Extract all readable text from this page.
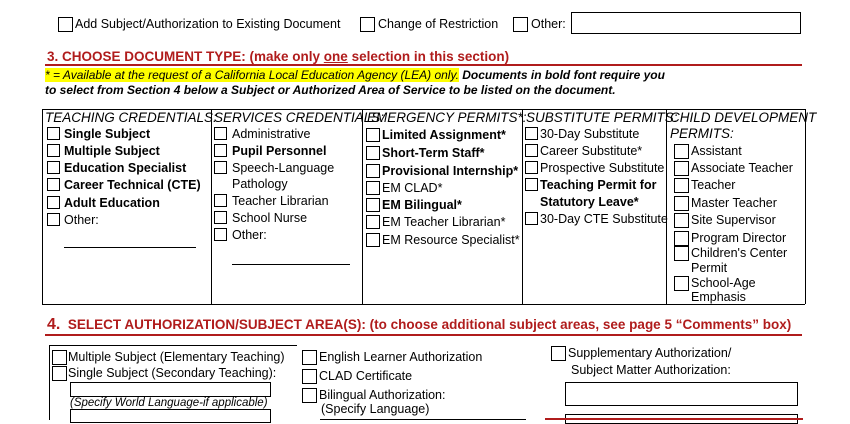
Add Subject/Authorization to Existing Document	Change of Restriction	Other:
3. CHOOSE DOCUMENT TYPE: (make only one selection in this section)
* = Available at the request of a California Local Education Agency (LEA) only. Documents in bold font require you
to select from Section 4 below a Subject or Authorized Area of Service to be listed on the document.
TEACHING CREDENTIALS:
Single Subject
Multiple Subject
Education Specialist
Career Technical (CTE)
Adult Education
Other:
SERVICES CREDENTIALS:
Administrative
Pupil Personnel
Speech-Language
Pathology
Teacher Librarian
School Nurse
Other:
EMERGENCY PERMITS*:
Limited Assignment*
Short-Term Staff*
Provisional Internship*
EM CLAD*
EM Bilingual*
EM Teacher Librarian*
EM Resource Specialist*
SUBSTITUTE PERMITS:
30-Day Substitute
Career Substitute*
Prospective Substitute
Teaching Permit for
Statutory Leave*
30-Day CTE Substitute
CHILD DEVELOPMENT
PERMITS:
Assistant
Associate Teacher
Teacher
Master Teacher
Site Supervisor
Program Director
Children's Center
Permit
School-Age
Emphasis
4. SELECT AUTHORIZATION/SUBJECT AREA(S): (to choose additional subject areas, see page 5 “Comments” box)
Multiple Subject (Elementary Teaching)
Single Subject (Secondary Teaching):
(Specify World Language-if applicable)
English Learner Authorization
CLAD Certificate
Bilingual Authorization:
(Specify Language)
Supplementary Authorization/
Subject Matter Authorization:
